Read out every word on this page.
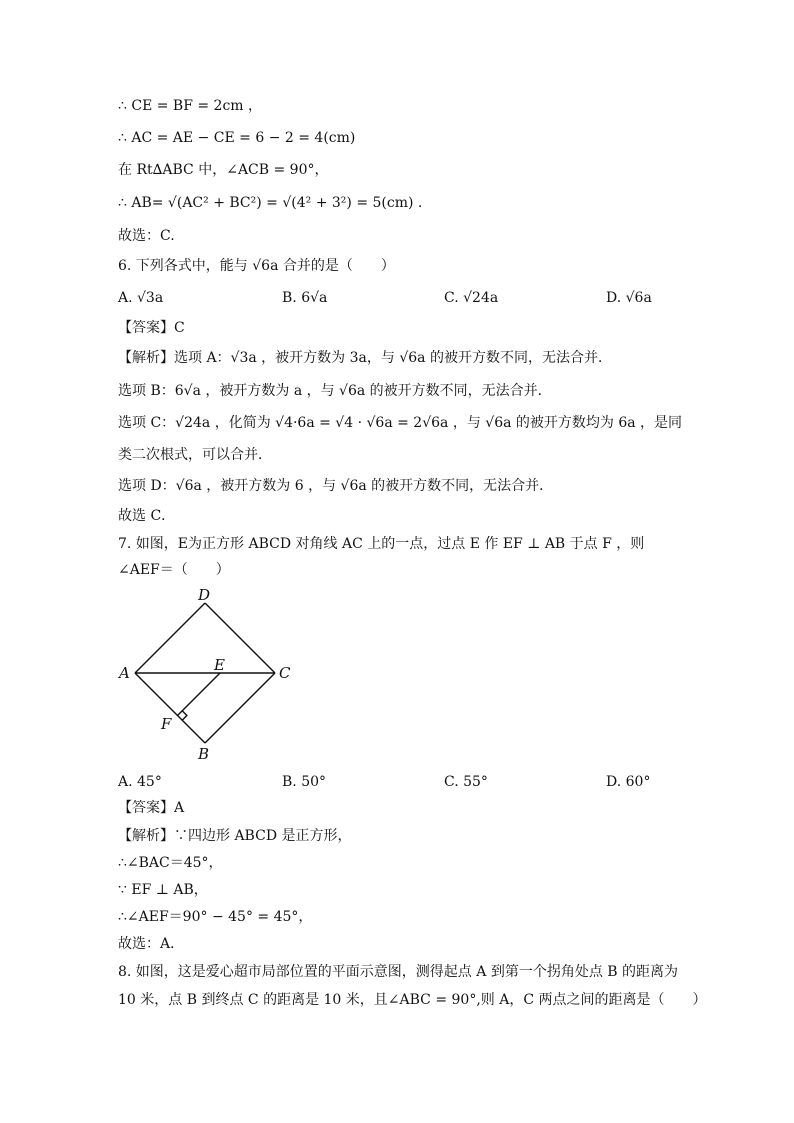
∴ CE = BF = 2cm ，
∴ AC = AE − CE = 6 − 2 = 4(cm)
在 Rt∆ABC 中，∠ACB = 90°，
∴ AB= √(AC² + BC²) = √(4² + 3²) = 5(cm) .
故选：C.
6. 下列各式中，能与 √6a 合并的是（　　）
A. √3a	B. 6√a	C. √24a	D. √6a
【答案】C
【解析】选项 A：√3a ，被开方数为 3a，与 √6a 的被开方数不同，无法合并．
选项 B：6√a ，被开方数为 a ，与 √6a 的被开方数不同，无法合并．
选项 C：√24a ，化简为 √4·6a = √4 · √6a = 2√6a ，与 √6a 的被开方数均为 6a ，是同
类二次根式，可以合并．
选项 D：√6a ，被开方数为 6 ，与 √6a 的被开方数不同，无法合并．
故选 C．
7. 如图，E为正方形 ABCD 对角线 AC 上的一点，过点 E 作 EF ⊥ AB 于点 F ，则
∠AEF＝（　　）
D
A	C
E
F
B
A. 45°	B. 50°	C. 55°	D. 60°
【答案】A
【解析】∵四边形 ABCD 是正方形，
∴∠BAC＝45°，
∵ EF ⊥ AB，
∴∠AEF＝90° − 45° = 45°，
故选：A．
8. 如图，这是爱心超市局部位置的平面示意图，测得起点 A 到第一个拐角处点 B 的距离为
10 米，点 B 到终点 C 的距离是 10 米，且∠ABC = 90°,则 A，C 两点之间的距离是（　　）
